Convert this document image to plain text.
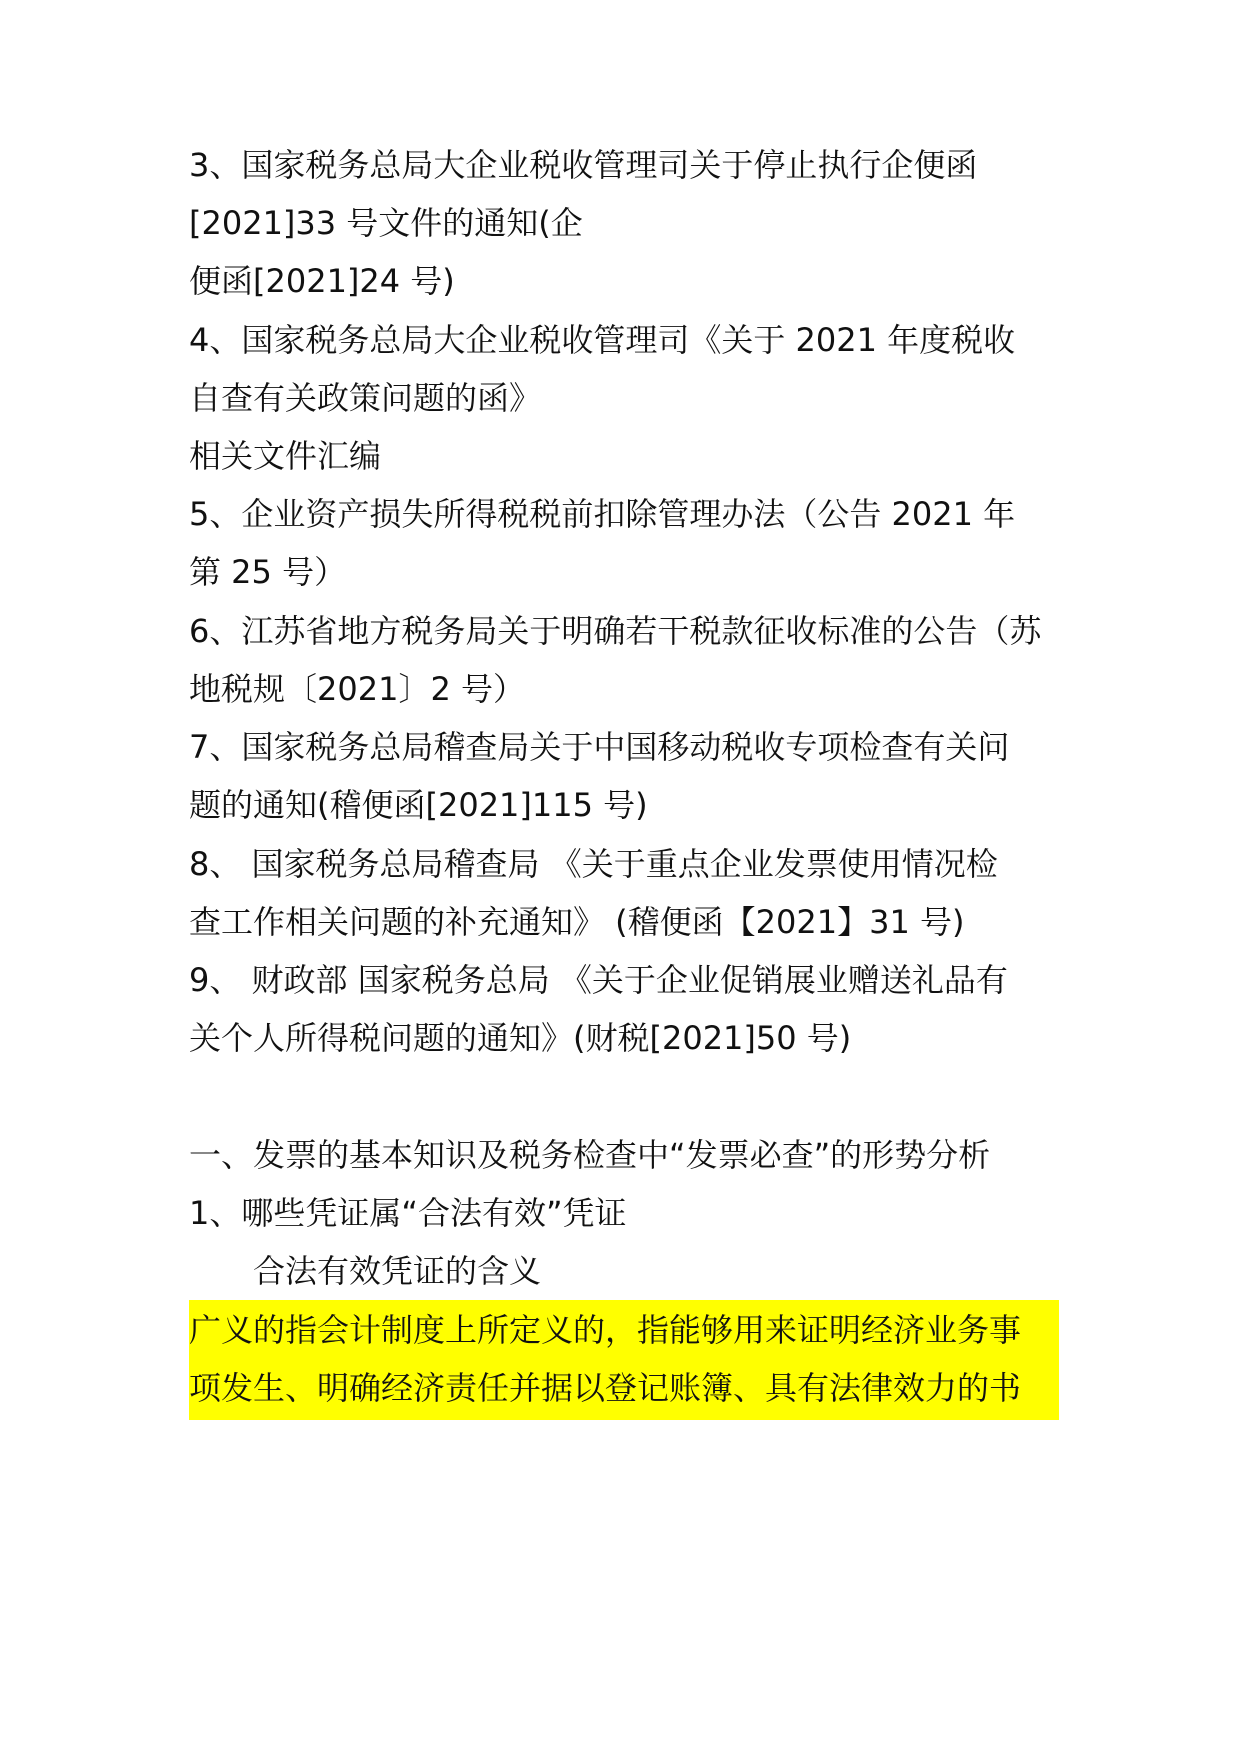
3、国家税务总局大企业税收管理司关于停止执行企便函
[2021]33 号文件的通知(企
便函[2021]24 号)
4、国家税务总局大企业税收管理司《关于 2021 年度税收
自查有关政策问题的函》
相关文件汇编
5、企业资产损失所得税税前扣除管理办法（公告 2021 年
第 25 号）
6、江苏省地方税务局关于明确若干税款征收标准的公告（苏
地税规〔2021〕2 号）
7、国家税务总局稽查局关于中国移动税收专项检查有关问
题的通知(稽便函[2021]115 号)
8、 国家税务总局稽查局 《关于重点企业发票使用情况检
查工作相关问题的补充通知》 (稽便函【2021】31 号)
9、 财政部 国家税务总局 《关于企业促销展业赠送礼品有
关个人所得税问题的通知》(财税[2021]50 号)
一、发票的基本知识及税务检查中“发票必查”的形势分析
1、哪些凭证属“合法有效”凭证
合法有效凭证的含义
广义的指会计制度上所定义的，指能够用来证明经济业务事
项发生、明确经济责任并据以登记账簿、具有法律效力的书
